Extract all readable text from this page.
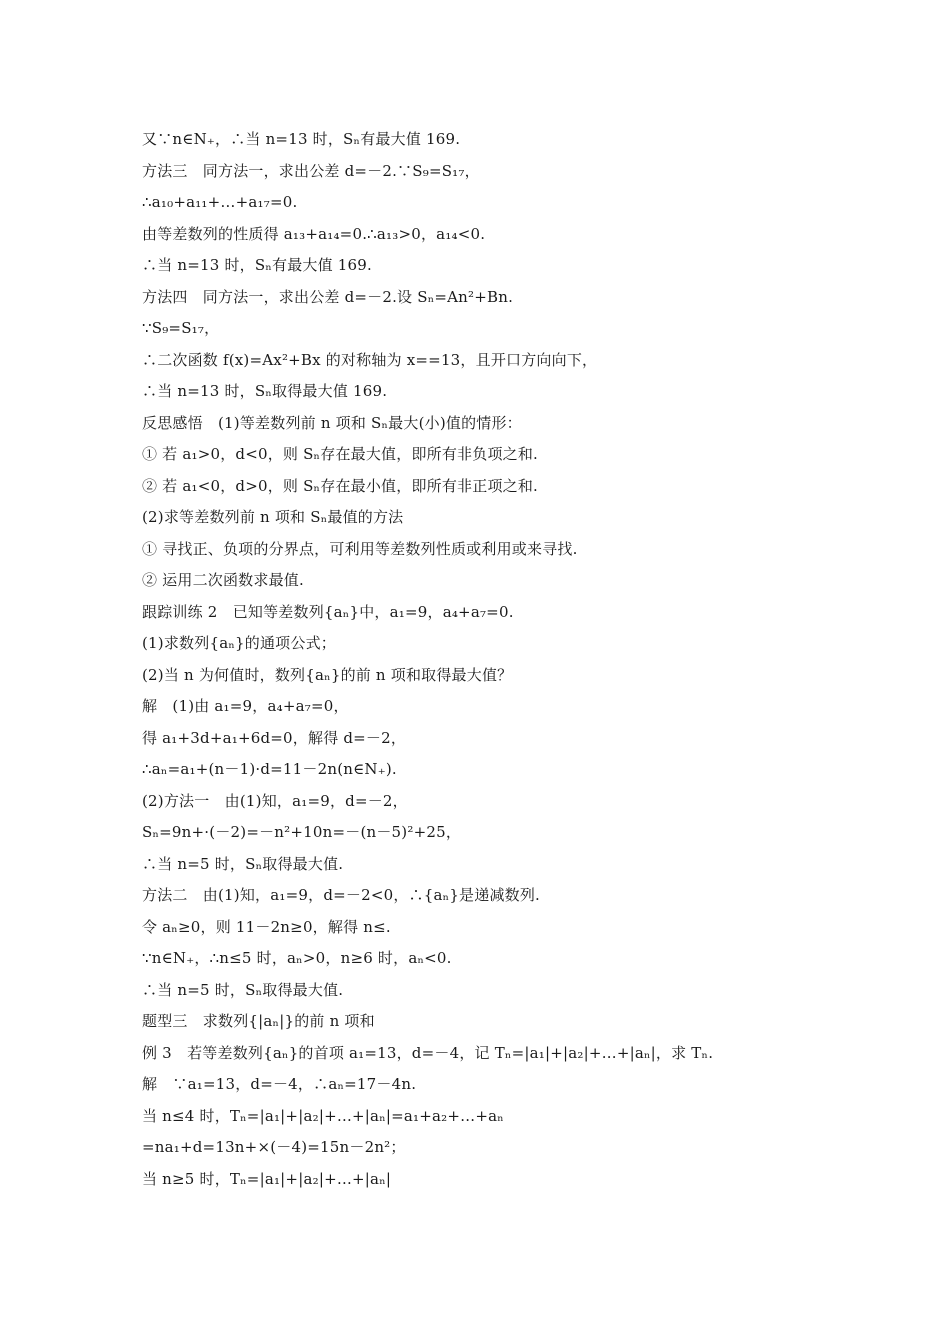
又∵n∈N₊，∴当 n=13 时，Sₙ有最大值 169.
方法三　同方法一，求出公差 d=－2.∵S₉=S₁₇，
∴a₁₀+a₁₁+…+a₁₇=0.
由等差数列的性质得 a₁₃+a₁₄=0.∴a₁₃>0，a₁₄<0.
∴当 n=13 时，Sₙ有最大值 169.
方法四　同方法一，求出公差 d=－2.设 Sₙ=An²+Bn.
∵S₉=S₁₇，
∴二次函数 f(x)=Ax²+Bx 的对称轴为 x==13，且开口方向向下，
∴当 n=13 时，Sₙ取得最大值 169.
反思感悟　(1)等差数列前 n 项和 Sₙ最大(小)值的情形：
① 若 a₁>0，d<0，则 Sₙ存在最大值，即所有非负项之和.
② 若 a₁<0，d>0，则 Sₙ存在最小值，即所有非正项之和.
(2)求等差数列前 n 项和 Sₙ最值的方法
① 寻找正、负项的分界点，可利用等差数列性质或利用或来寻找.
② 运用二次函数求最值.
跟踪训练 2　已知等差数列{aₙ}中，a₁=9，a₄+a₇=0.
(1)求数列{aₙ}的通项公式；
(2)当 n 为何值时，数列{aₙ}的前 n 项和取得最大值？
解　(1)由 a₁=9，a₄+a₇=0，
得 a₁+3d+a₁+6d=0，解得 d=－2，
∴aₙ=a₁+(n－1)·d=11－2n(n∈N₊).
(2)方法一　由(1)知，a₁=9，d=－2，
Sₙ=9n+·(－2)=－n²+10n=－(n－5)²+25，
∴当 n=5 时，Sₙ取得最大值.
方法二　由(1)知，a₁=9，d=－2<0，∴{aₙ}是递减数列.
令 aₙ≥0，则 11－2n≥0，解得 n≤.
∵n∈N₊，∴n≤5 时，aₙ>0，n≥6 时，aₙ<0.
∴当 n=5 时，Sₙ取得最大值.
题型三　求数列{|aₙ|}的前 n 项和
例 3　若等差数列{aₙ}的首项 a₁=13，d=－4，记 Tₙ=|a₁|+|a₂|+…+|aₙ|，求 Tₙ.
解　∵a₁=13，d=－4，∴aₙ=17－4n.
当 n≤4 时，Tₙ=|a₁|+|a₂|+…+|aₙ|=a₁+a₂+…+aₙ
=na₁+d=13n+×(－4)=15n－2n²；
当 n≥5 时，Tₙ=|a₁|+|a₂|+…+|aₙ|
